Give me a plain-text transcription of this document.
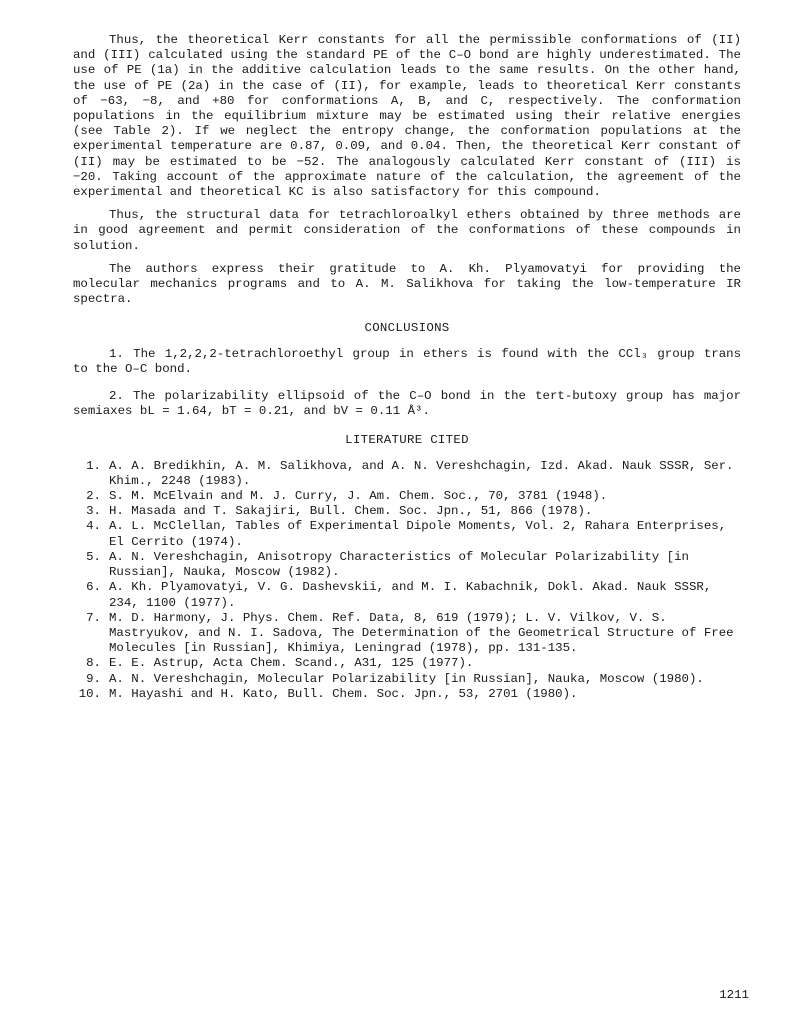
Thus, the theoretical Kerr constants for all the permissible conformations of (II) and (III) calculated using the standard PE of the C–O bond are highly underestimated. The use of PE (1a) in the additive calculation leads to the same results. On the other hand, the use of PE (2a) in the case of (II), for example, leads to theoretical Kerr constants of −63, −8, and +80 for conformations A, B, and C, respectively. The conformation populations in the equilibrium mixture may be estimated using their relative energies (see Table 2). If we neglect the entropy change, the conformation populations at the experimental temperature are 0.87, 0.09, and 0.04. Then, the theoretical Kerr constant of (II) may be estimated to be −52. The analogously calculated Kerr constant of (III) is −20. Taking account of the approximate nature of the calculation, the agreement of the experimental and theoretical KC is also satisfactory for this compound.

Thus, the structural data for tetrachloroalkyl ethers obtained by three methods are in good agreement and permit consideration of the conformations of these compounds in solution.

The authors express their gratitude to A. Kh. Plyamovatyi for providing the molecular mechanics programs and to A. M. Salikhova for taking the low-temperature IR spectra.

CONCLUSIONS

1. The 1,2,2,2-tetrachloroethyl group in ethers is found with the CCl₃ group trans to the O–C bond.

2. The polarizability ellipsoid of the C–O bond in the tert-butoxy group has major semiaxes bL = 1.64, bT = 0.21, and bV = 0.11 Å³.

LITERATURE CITED
1. A. A. Bredikhin, A. M. Salikhova, and A. N. Vereshchagin, Izd. Akad. Nauk SSSR, Ser. Khim., 2248 (1983).
2. S. M. McElvain and M. J. Curry, J. Am. Chem. Soc., 70, 3781 (1948).
3. H. Masada and T. Sakajiri, Bull. Chem. Soc. Jpn., 51, 866 (1978).
4. A. L. McClellan, Tables of Experimental Dipole Moments, Vol. 2, Rahara Enterprises, El Cerrito (1974).
5. A. N. Vereshchagin, Anisotropy Characteristics of Molecular Polarizability [in Russian], Nauka, Moscow (1982).
6. A. Kh. Plyamovatyi, V. G. Dashevskii, and M. I. Kabachnik, Dokl. Akad. Nauk SSSR, 234, 1100 (1977).
7. M. D. Harmony, J. Phys. Chem. Ref. Data, 8, 619 (1979); L. V. Vilkov, V. S. Mastryukov, and N. I. Sadova, The Determination of the Geometrical Structure of Free Molecules [in Russian], Khimiya, Leningrad (1978), pp. 131-135.
8. E. E. Astrup, Acta Chem. Scand., A31, 125 (1977).
9. A. N. Vereshchagin, Molecular Polarizability [in Russian], Nauka, Moscow (1980).
10. M. Hayashi and H. Kato, Bull. Chem. Soc. Jpn., 53, 2701 (1980).
1211
